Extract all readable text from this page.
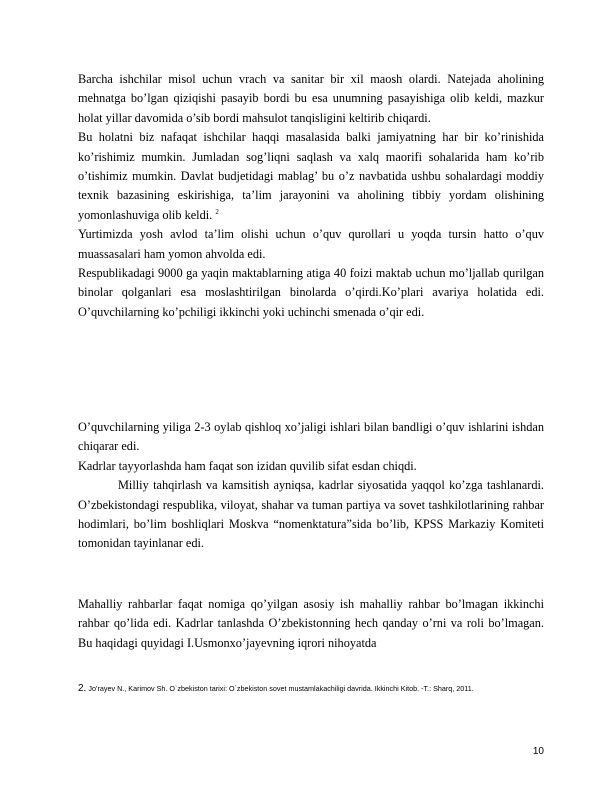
Barcha ishchilar misol uchun vrach va sanitar bir xil maosh olardi. Natejada aholining mehnatga bo’lgan qiziqishi pasayib bordi bu esa unumning pasayishiga olib keldi, mazkur holat yillar davomida o’sib bordi mahsulot tanqisligini keltirib chiqardi.

Bu holatni biz nafaqat ishchilar haqqi masalasida balki jamiyatning har bir ko’rinishida ko’rishimiz mumkin. Jumladan sog’liqni saqlash va xalq maorifi sohalarida ham ko’rib o’tishimiz mumkin. Davlat budjetidagi mablag’ bu o’z navbatida ushbu sohalardagi moddiy texnik bazasining eskirishiga, ta’lim jarayonini va aholining tibbiy yordam olishining yomonlashuviga olib keldi. $^2$

Yurtimizda yosh avlod ta’lim olishi uchun o’quv qurollari u yoqda tursin hatto o’quv muassasalari ham yomon ahvolda edi.

Respublikadagi 9000 ga yaqin maktablarning atiga 40 foizi maktab uchun mo’ljallab qurilgan binolar qolganlari esa moslashtirilgan binolarda o’qirdi.Ko’plari avariya holatida edi. O’quvchilarning ko’pchiligi ikkinchi yoki uchinchi smenada o’qir edi.

O’quvchilarning yiliga 2-3 oylab qishloq xo’jaligi ishlari bilan bandligi o’quv ishlarini ishdan chiqarar edi.

Kadrlar tayyorlashda ham faqat son izidan quvilib sifat esdan chiqdi.

Milliy tahqirlash va kamsitish ayniqsa, kadrlar siyosatida yaqqol ko’zga tashlanardi. O’zbekistondagi respublika, viloyat, shahar va tuman partiya va sovet tashkilotlarining rahbar hodimlari, bo’lim boshliqlari Moskva “nomenktatura”sida bo’lib, KPSS Markaziy Komiteti tomonidan tayinlanar edi.

Mahalliy rahbarlar faqat nomiga qo’yilgan asosiy ish mahalliy rahbar bo’lmagan ikkinchi rahbar qo’lida edi. Kadrlar tanlashda O’zbekistonning hech qanday o’rni va roli bo’lmagan. Bu haqidagi quyidagi I.Usmonxo’jayevning iqrori nihoyatda

2. Jo’rayev N., Karimov Sh. O`zbekiston tarixi: O`zbekiston sovet mustamlakachiligi davrida. Ikkinchi Kitob. -T.: Sharq, 2011.
10
